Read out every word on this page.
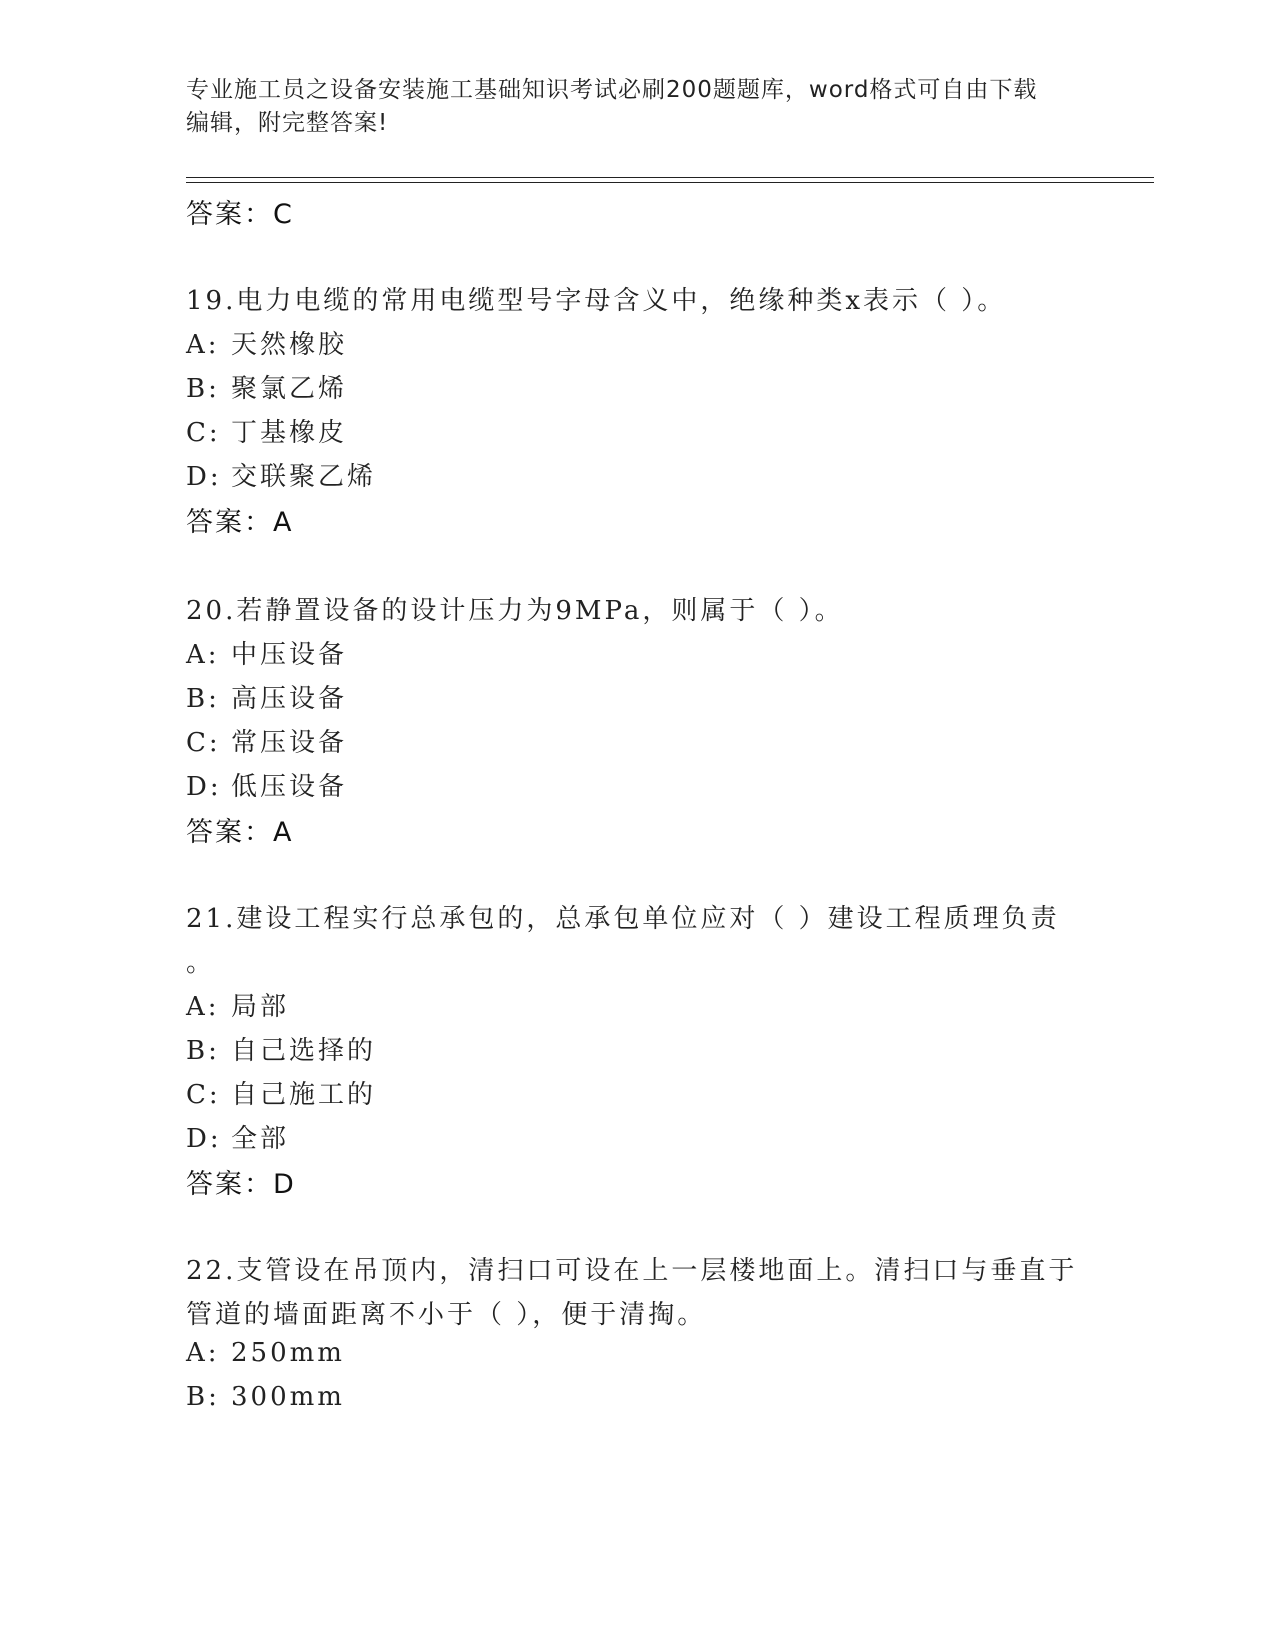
专业施工员之设备安装施工基础知识考试必刷200题题库，word格式可自由下载
编辑，附完整答案!
答案：C
19.电力电缆的常用电缆型号字母含义中，绝缘种类x表示（ ）。
A: 天然橡胶
B: 聚氯乙烯
C: 丁基橡皮
D: 交联聚乙烯
答案：A
20.若静置设备的设计压力为9MPa，则属于（ ）。
A: 中压设备
B: 高压设备
C: 常压设备
D: 低压设备
答案：A
21.建设工程实行总承包的，总承包单位应对（ ）建设工程质理负责
。
A: 局部
B: 自己选择的
C: 自己施工的
D: 全部
答案：D
22.支管设在吊顶内，清扫口可设在上一层楼地面上。清扫口与垂直于
管道的墙面距离不小于（ ），便于清掏。
A: 250mm
B: 300mm
